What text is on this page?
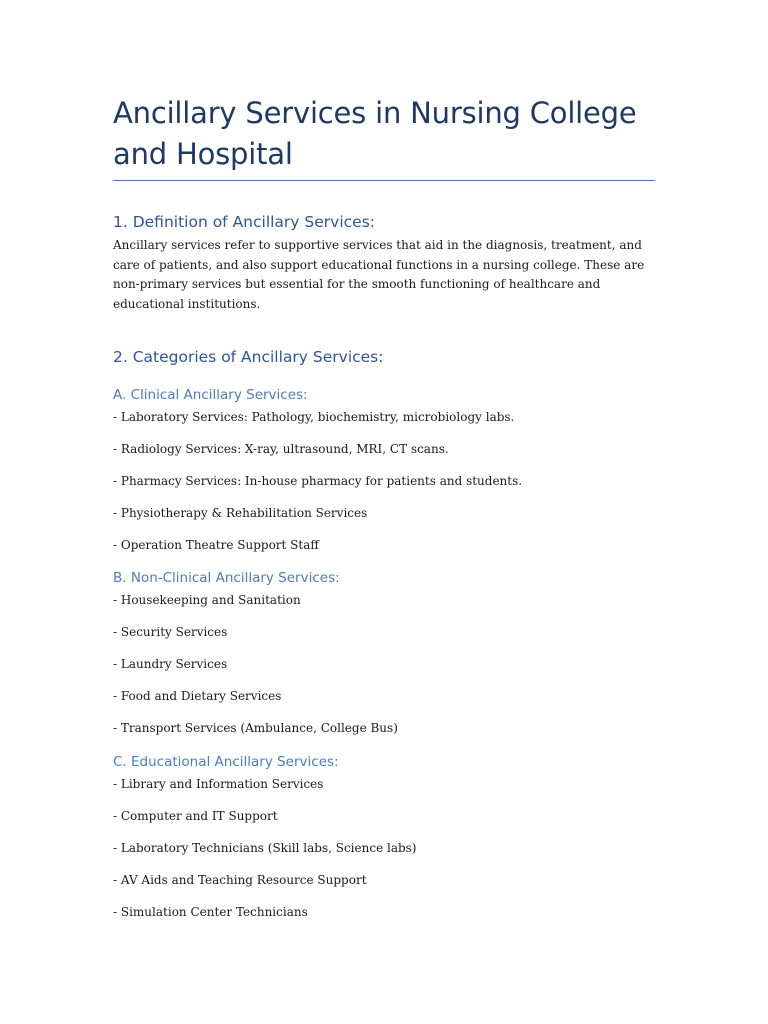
Ancillary Services in Nursing College and Hospital
1. Definition of Ancillary Services:

Ancillary services refer to supportive services that aid in the diagnosis, treatment, and care of patients, and also support educational functions in a nursing college. These are non-primary services but essential for the smooth functioning of healthcare and educational institutions.

2. Categories of Ancillary Services:
A. Clinical Ancillary Services:

- Laboratory Services: Pathology, biochemistry, microbiology labs.

- Radiology Services: X-ray, ultrasound, MRI, CT scans.

- Pharmacy Services: In-house pharmacy for patients and students.

- Physiotherapy & Rehabilitation Services

- Operation Theatre Support Staff

B. Non-Clinical Ancillary Services:

- Housekeeping and Sanitation

- Security Services

- Laundry Services

- Food and Dietary Services

- Transport Services (Ambulance, College Bus)

C. Educational Ancillary Services:

- Library and Information Services

- Computer and IT Support

- Laboratory Technicians (Skill labs, Science labs)

- AV Aids and Teaching Resource Support

- Simulation Center Technicians
